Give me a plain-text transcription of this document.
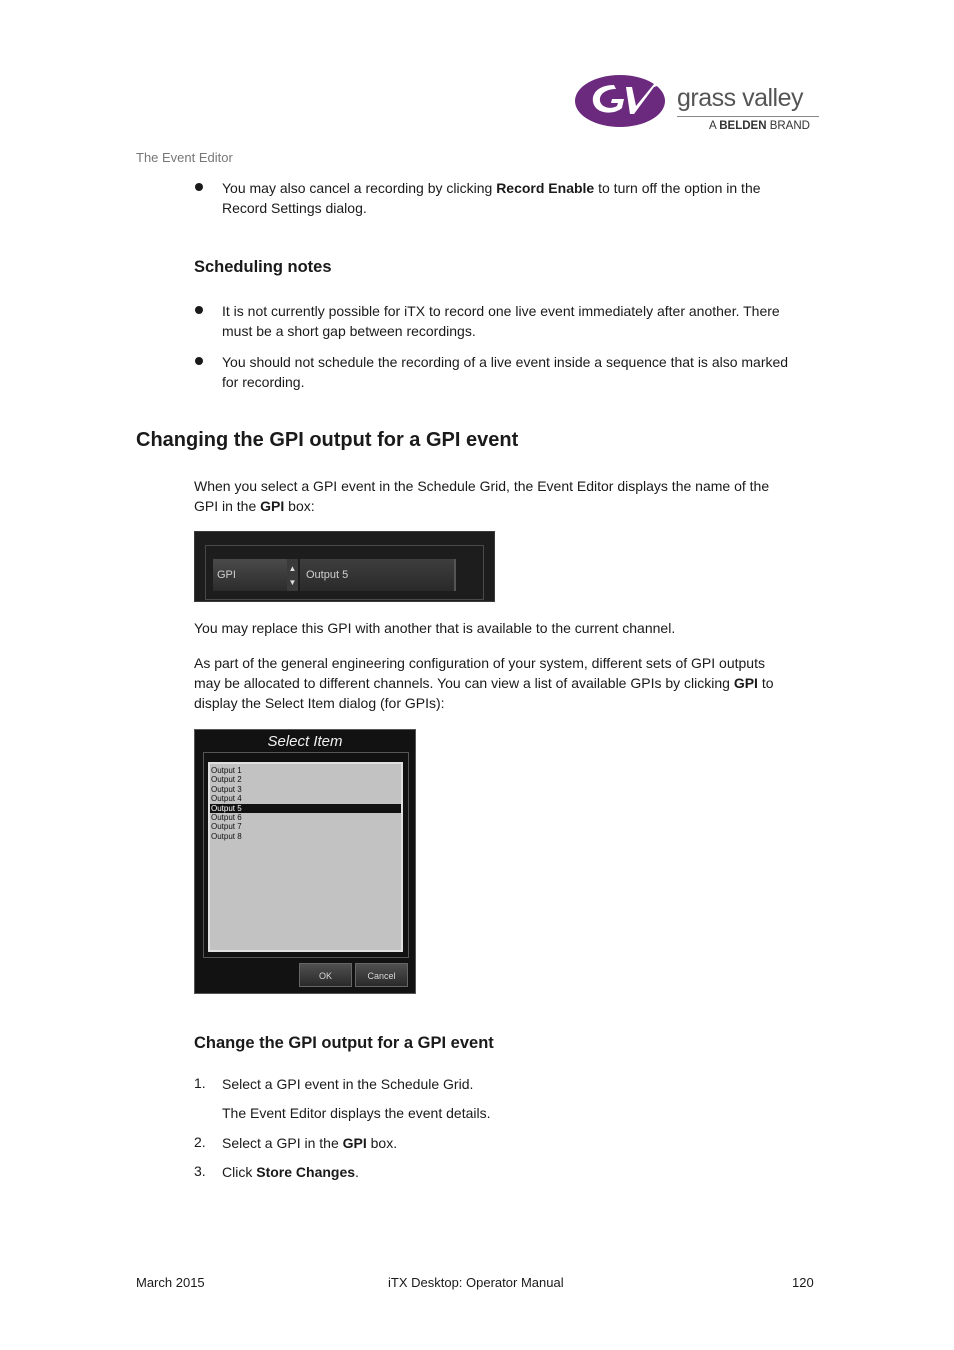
grass valley
A BELDEN BRAND
The Event Editor
You may also cancel a recording by clicking Record Enable to turn off the option in the
Record Settings dialog.
Scheduling notes
It is not currently possible for iTX to record one live event immediately after another. There
must be a short gap between recordings.
You should not schedule the recording of a live event inside a sequence that is also marked
for recording.
Changing the GPI output for a GPI event
When you select a GPI event in the Schedule Grid, the Event Editor displays the name of the
GPI in the GPI box:
GPI
▲
▼
Output 5
You may replace this GPI with another that is available to the current channel.
As part of the general engineering configuration of your system, different sets of GPI outputs
may be allocated to different channels. You can view a list of available GPIs by clicking GPI to
display the Select Item dialog (for GPIs):
Select Item
Output 1
Output 2
Output 3
Output 4
Output 5
Output 6
Output 7
Output 8
OK	Cancel
Change the GPI output for a GPI event
1. Select a GPI event in the Schedule Grid.
The Event Editor displays the event details.
2. Select a GPI in the GPI box.
3. Click Store Changes.
March 2015	iTX Desktop: Operator Manual	120
